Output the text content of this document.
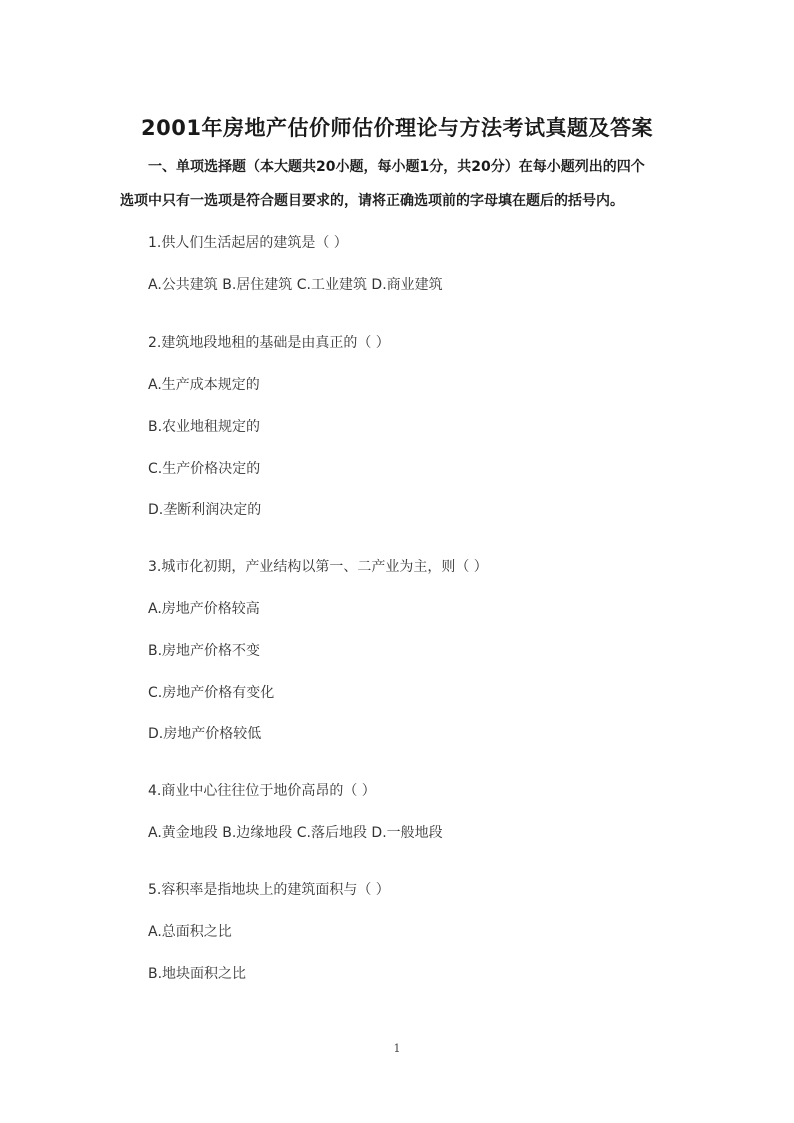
2001年房地产估价师估价理论与方法考试真题及答案

一、单项选择题（本大题共20小题，每小题1分，共20分）在每小题列出的四个

选项中只有一选项是符合题目要求的，请将正确选项前的字母填在题后的括号内。

1.供人们生活起居的建筑是（ ）
A.公共建筑 B.居住建筑 C.工业建筑 D.商业建筑
2.建筑地段地租的基础是由真正的（ ）
A.生产成本规定的
B.农业地租规定的
C.生产价格决定的
D.垄断利润决定的
3.城市化初期，产业结构以第一、二产业为主，则（ ）
A.房地产价格较高
B.房地产价格不变
C.房地产价格有变化
D.房地产价格较低
4.商业中心往往位于地价高昂的（ ）
A.黄金地段 B.边缘地段 C.落后地段 D.一般地段
5.容积率是指地块上的建筑面积与（ ）
A.总面积之比
B.地块面积之比
1
